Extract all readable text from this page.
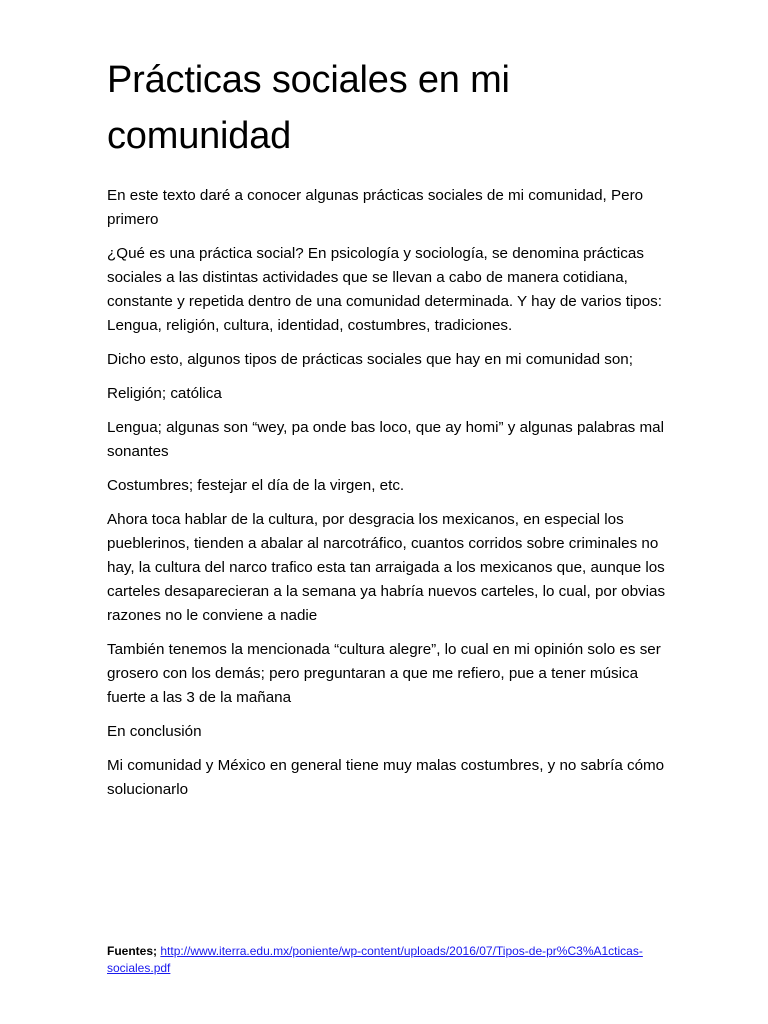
Prácticas sociales en mi comunidad

En este texto daré a conocer algunas prácticas sociales de mi comunidad, Pero primero

¿Qué es una práctica social? En psicología y sociología, se denomina prácticas sociales a las distintas actividades que se llevan a cabo de manera cotidiana, constante y repetida dentro de una comunidad determinada. Y hay de varios tipos: Lengua, religión, cultura, identidad, costumbres, tradiciones.

Dicho esto, algunos tipos de prácticas sociales que hay en mi comunidad son;

Religión; católica

Lengua; algunas son “wey, pa onde bas loco, que ay homi” y algunas palabras mal sonantes

Costumbres; festejar el día de la virgen, etc.

Ahora toca hablar de la cultura, por desgracia los mexicanos, en especial los pueblerinos, tienden a abalar al narcotráfico, cuantos corridos sobre criminales no hay, la cultura del narco trafico esta tan arraigada a los mexicanos que, aunque los carteles desaparecieran a la semana ya habría nuevos carteles, lo cual, por obvias razones no le conviene a nadie

También tenemos la mencionada “cultura alegre”, lo cual en mi opinión solo es ser grosero con los demás; pero preguntaran a que me refiero, pue a tener música fuerte a las 3 de la mañana

En conclusión

Mi comunidad y México en general tiene muy malas costumbres, y no sabría cómo solucionarlo

Fuentes; http://www.iterra.edu.mx/poniente/wp-content/uploads/2016/07/Tipos-de-pr%C3%A1cticas-sociales.pdf
